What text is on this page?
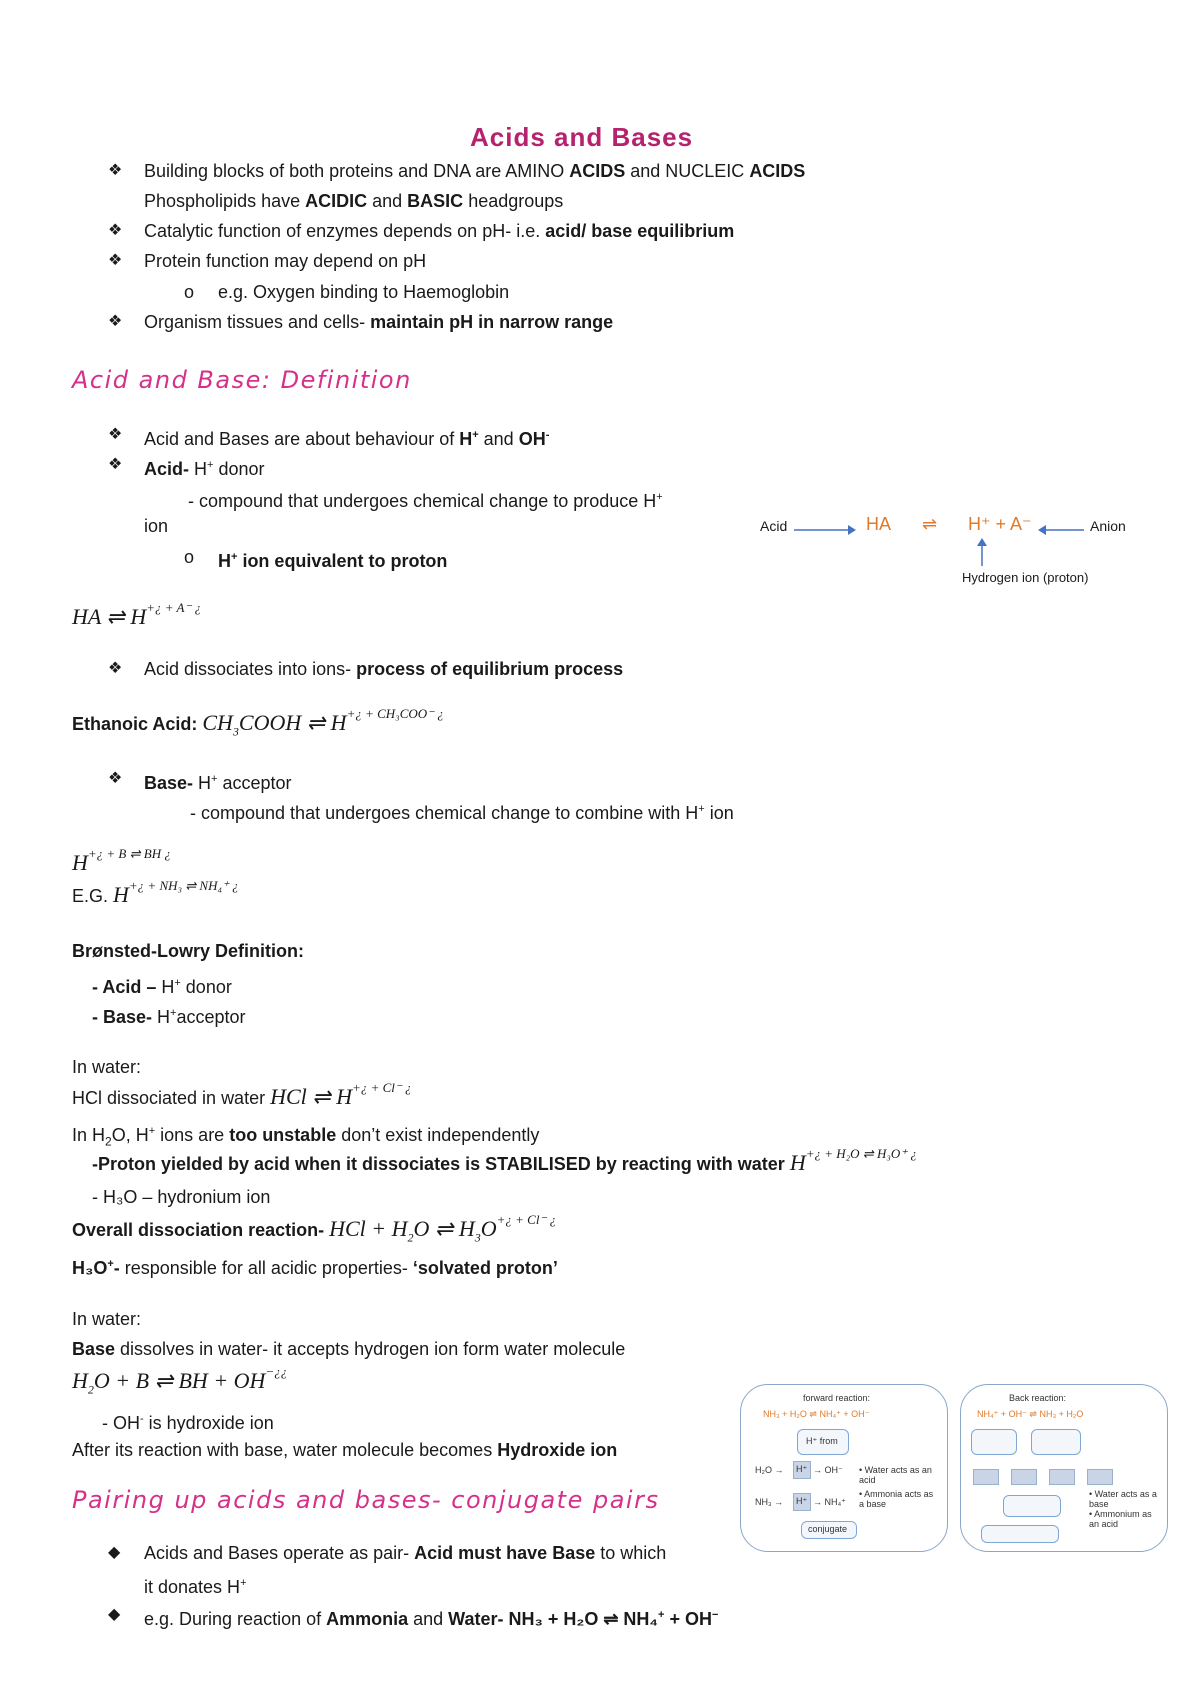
Acids and Bases
❖ Building blocks of both proteins and DNA are AMINO ACIDS and NUCLEIC ACIDS
Phospholipids have ACIDIC and BASIC headgroups
❖ Catalytic function of enzymes depends on pH- i.e. acid/ base equilibrium
❖ Protein function may depend on pH
o e.g. Oxygen binding to Haemoglobin
❖ Organism tissues and cells- maintain pH in narrow range
Acid and Base: Definition
❖ Acid and Bases are about behaviour of H+ and OH-
❖ Acid- H+ donor
- compound that undergoes chemical change to produce H+
ion
o H+ ion equivalent to proton
Acid	HA ⇌ H⁺ + A⁻	Anion
Hydrogen ion (proton)
HA ⇌ $H^{+¿ + A^- ¿}$
❖ Acid dissociates into ions- process of equilibrium process
Ethanoic Acid: $CH_3COOH$ ⇌ $H^{+¿ + CH_3COO^- ¿}$
❖ Base- H+ acceptor
- compound that undergoes chemical change to combine with H+ ion
$H^{+¿ + B \rightleftharpoons BH ¿}$
E.G. $H^{+¿ + NH_3 \rightleftharpoons NH_4^+ ¿}$
Brønsted-Lowry Definition:
- Acid – H+ donor
- Base- H+acceptor
In water:
HCl dissociated in water HCl ⇌ $H^{+¿ + Cl^- ¿}$
In $H_2O$, H+ ions are too unstable don’t exist independently
-Proton yielded by acid when it dissociates is STABILISED by reacting with water $H^{+¿ + H_2O \rightleftharpoons H_3O^+ ¿}$
- H₃O – hydronium ion
Overall dissociation reaction- HCl + $H_2O$ ⇌ $H_3O^{+¿ + Cl^- ¿}$
H₃O+- responsible for all acidic properties- ‘solvated proton’
In water:
Base dissolves in water- it accepts hydrogen ion form water molecule
$H_2O + B$ ⇌ BH + OH−¿¿
- OH- is hydroxide ion
After its reaction with base, water molecule becomes Hydroxide ion
Pairing up acids and bases- conjugate pairs
◆ Acids and Bases operate as pair- Acid must have Base to which
it donates H+
◆ e.g. During reaction of Ammonia and Water- NH₃ + H₂O ⇌ NH₄+ + OH−
forward reaction:
NH₃ + H₂O ⇌ NH₄⁺ + OH⁻
H⁺ from
H₂O → H⁺ → OH⁻
NH₃ → H⁺ → NH₄⁺
• Water acts as an acid
• Ammonia acts as a base
conjugate
Back reaction:
NH₄⁺ + OH⁻ ⇌ NH₃ + H₂O
• Water acts as a base
• Ammonium as an acid
